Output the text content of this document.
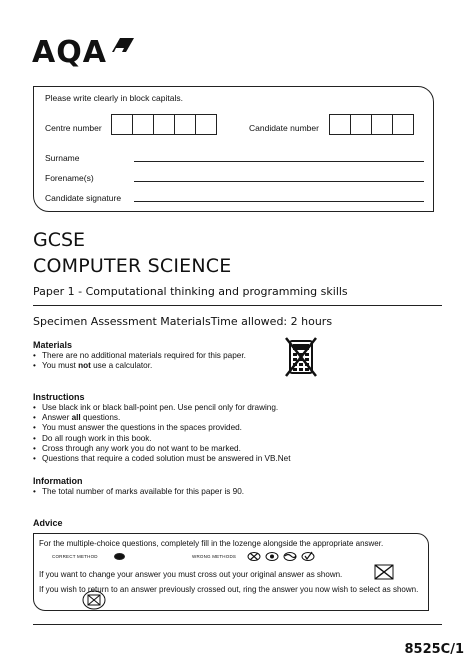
AQA
Please write clearly in block capitals.
Centre number	Candidate number
Surname
Forename(s)
Candidate signature
GCSE
COMPUTER SCIENCE
Paper 1 - Computational thinking and programming skills
Specimen Assessment MaterialsTime allowed: 2 hours
Materials
• There are no additional materials required for this paper.
• You must not use a calculator.
Instructions
• Use black ink or black ball-point pen. Use pencil only for drawing.
• Answer all questions.
• You must answer the questions in the spaces provided.
• Do all rough work in this book.
• Cross through any work you do not want to be marked.
• Questions that require a coded solution must be answered in VB.Net
Information
• The total number of marks available for this paper is 90.
Advice
For the multiple-choice questions, completely fill in the lozenge alongside the appropriate answer.
CORRECT METHOD	WRONG METHODS
If you want to change your answer you must cross out your original answer as shown.
If you wish to return to an answer previously crossed out, ring the answer you now wish to select as shown.
8525C/1
